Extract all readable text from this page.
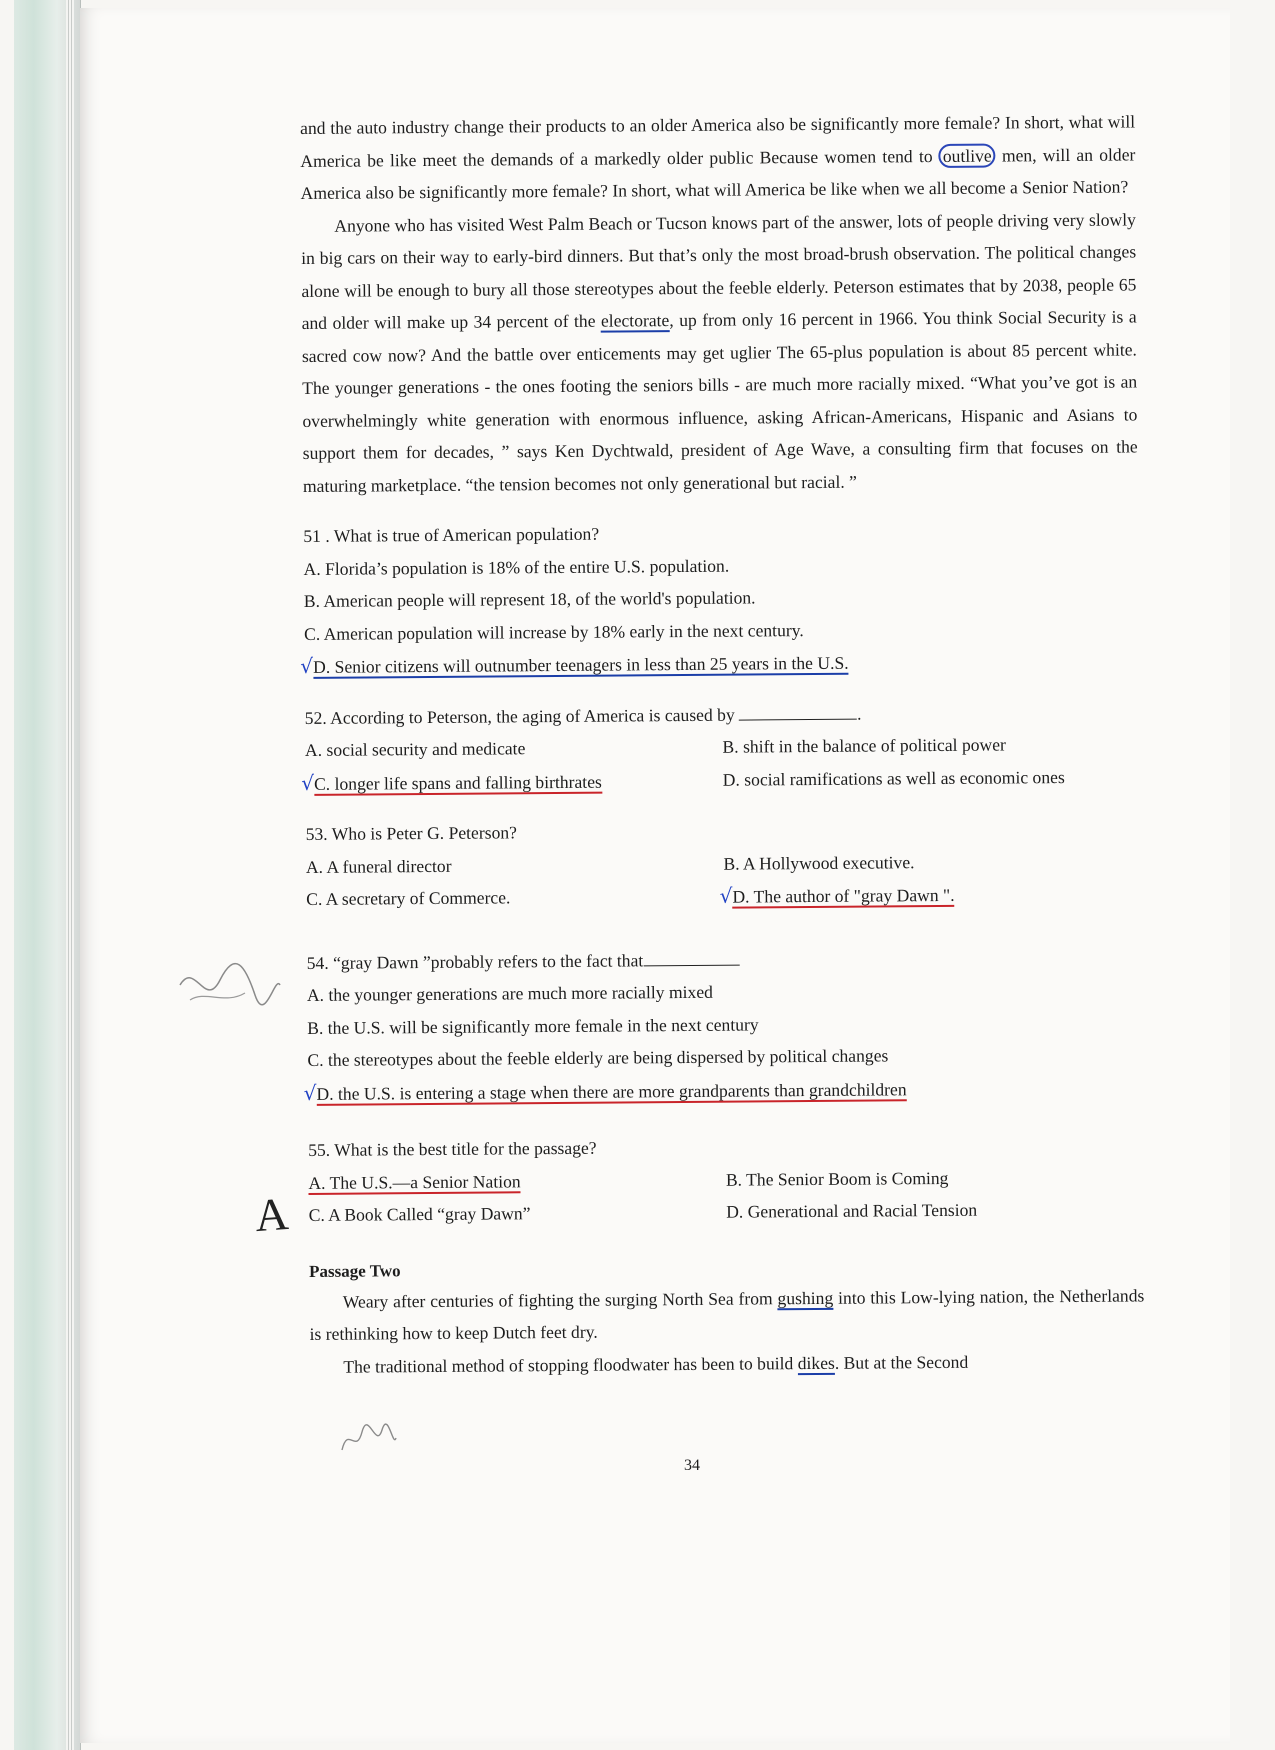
and the auto industry change their products to an older America also be significantly more female? In short, what will America be like meet the demands of a markedly older public Because women tend to outlive men, will an older America also be significantly more female? In short, what will America be like when we all become a Senior Nation?

Anyone who has visited West Palm Beach or Tucson knows part of the answer, lots of people driving very slowly in big cars on their way to early-bird dinners. But that’s only the most broad-brush observation. The political changes alone will be enough to bury all those stereotypes about the feeble elderly. Peterson estimates that by 2038, people 65 and older will make up 34 percent of the electorate, up from only 16 percent in 1966. You think Social Security is a sacred cow now? And the battle over enticements may get uglier The 65-plus population is about 85 percent white. The younger generations - the ones footing the seniors bills - are much more racially mixed. “What you’ve got is an overwhelmingly white generation with enormous influence, asking Afri​can-Americans, Hispanic and Asians to support them for decades, ” says Ken Dychtwald, president of Age Wave, a consulting firm that focuses on the maturing marketplace. “the tension becomes not only generational but racial. ”

51 . What is true of American population?

A. Florida’s population is 18% of the entire U.S. population.

B. American people will represent 18, of the world's population.

C. American population will increase by 18% early in the next century.

√D. Senior citizens will outnumber teenagers in less than 25 years in the U.S.

52. According to Peterson, the aging of America is caused by	.

A. social security and medicate	B. shift in the balance of political power
√C. longer life spans and falling birthrates	D. social ramifications as well as economic ones

53. Who is Peter G. Peterson?

A. A funeral director	B. A Hollywood executive.
C. A secretary of Commerce.	√D. The author of "gray Dawn ".

54. “gray Dawn ”probably refers to the fact that

A. the younger generations are much more racially mixed

B. the U.S. will be significantly more female in the next century

C. the stereotypes about the feeble elderly are being dispersed by political changes

√D. the U.S. is entering a stage when there are more grandparents than grandchildren

55. What is the best title for the passage?

A. The U.S.—a Senior Nation	B. The Senior Boom is Coming
C. A Book Called “gray Dawn”	D. Generational and Racial Tension
Passage Two

Weary after centuries of fighting the surging North Sea from gushing into this Low-lying nation, the Netherlands is rethinking how to keep Dutch feet dry.

The traditional method of stopping floodwater has been to build dikes. But at the Second

A
34
